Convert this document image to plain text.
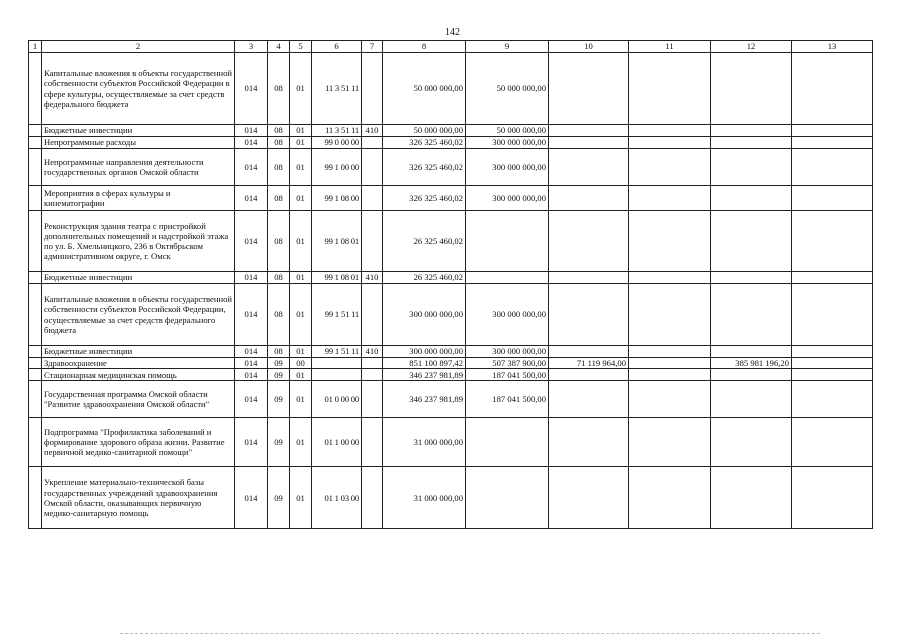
142
1	2	3	4	5	6	7	8	9	10	11	12	13
	Капитальные вложения в объекты государственной собственности субъектов Российской Федерации в сфере культуры, осуществляемые за счет средств федерального бюджета	014	08	01	11 3 51 11		50 000 000,00	50 000 000,00				
	Бюджетные инвестиции	014	08	01	11 3 51 11	410	50 000 000,00	50 000 000,00				
	Непрограммные расходы	014	08	01	99 0 00 00		326 325 460,02	300 000 000,00				
	Непрограммные направления деятельности государственных органов Омской области	014	08	01	99 1 00 00		326 325 460,02	300 000 000,00				
	Мероприятия в сферах культуры и кинематографии	014	08	01	99 1 08 00		326 325 460,02	300 000 000,00				
	Реконструкция здания театра с пристройкой дополнительных помещений и надстройкой этажа по ул. Б. Хмельницкого, 236 в Октябрьском административном округе, г. Омск	014	08	01	99 1 08 01		26 325 460,02					
	Бюджетные инвестиции	014	08	01	99 1 08 01	410	26 325 460,02					
	Капитальные вложения в объекты государственной собственности субъектов Российской Федерации, осуществляемые за счет средств федерального бюджета	014	08	01	99 1 51 11		300 000 000,00	300 000 000,00				
	Бюджетные инвестиции	014	08	01	99 1 51 11	410	300 000 000,00	300 000 000,00				
	Здравоохранение	014	09	00			851 100 897,42	507 387 900,00	71 119 964,00		385 981 196,20	
	Стационарная медицинская помощь	014	09	01			346 237 981,89	187 041 500,00				
	Государственная программа Омской области "Развитие здравоохранения Омской области"	014	09	01	01 0 00 00		346 237 981,89	187 041 500,00				
	Подпрограмма "Профилактика заболеваний и формирование здорового образа жизни. Развитие первичной медико-санитарной помощи"	014	09	01	01 1 00 00		31 000 000,00					
	Укрепление материально-технической базы государственных учреждений здравоохранения Омской области, оказывающих первичную медико-санитарную помощь	014	09	01	01 1 03 00		31 000 000,00					
